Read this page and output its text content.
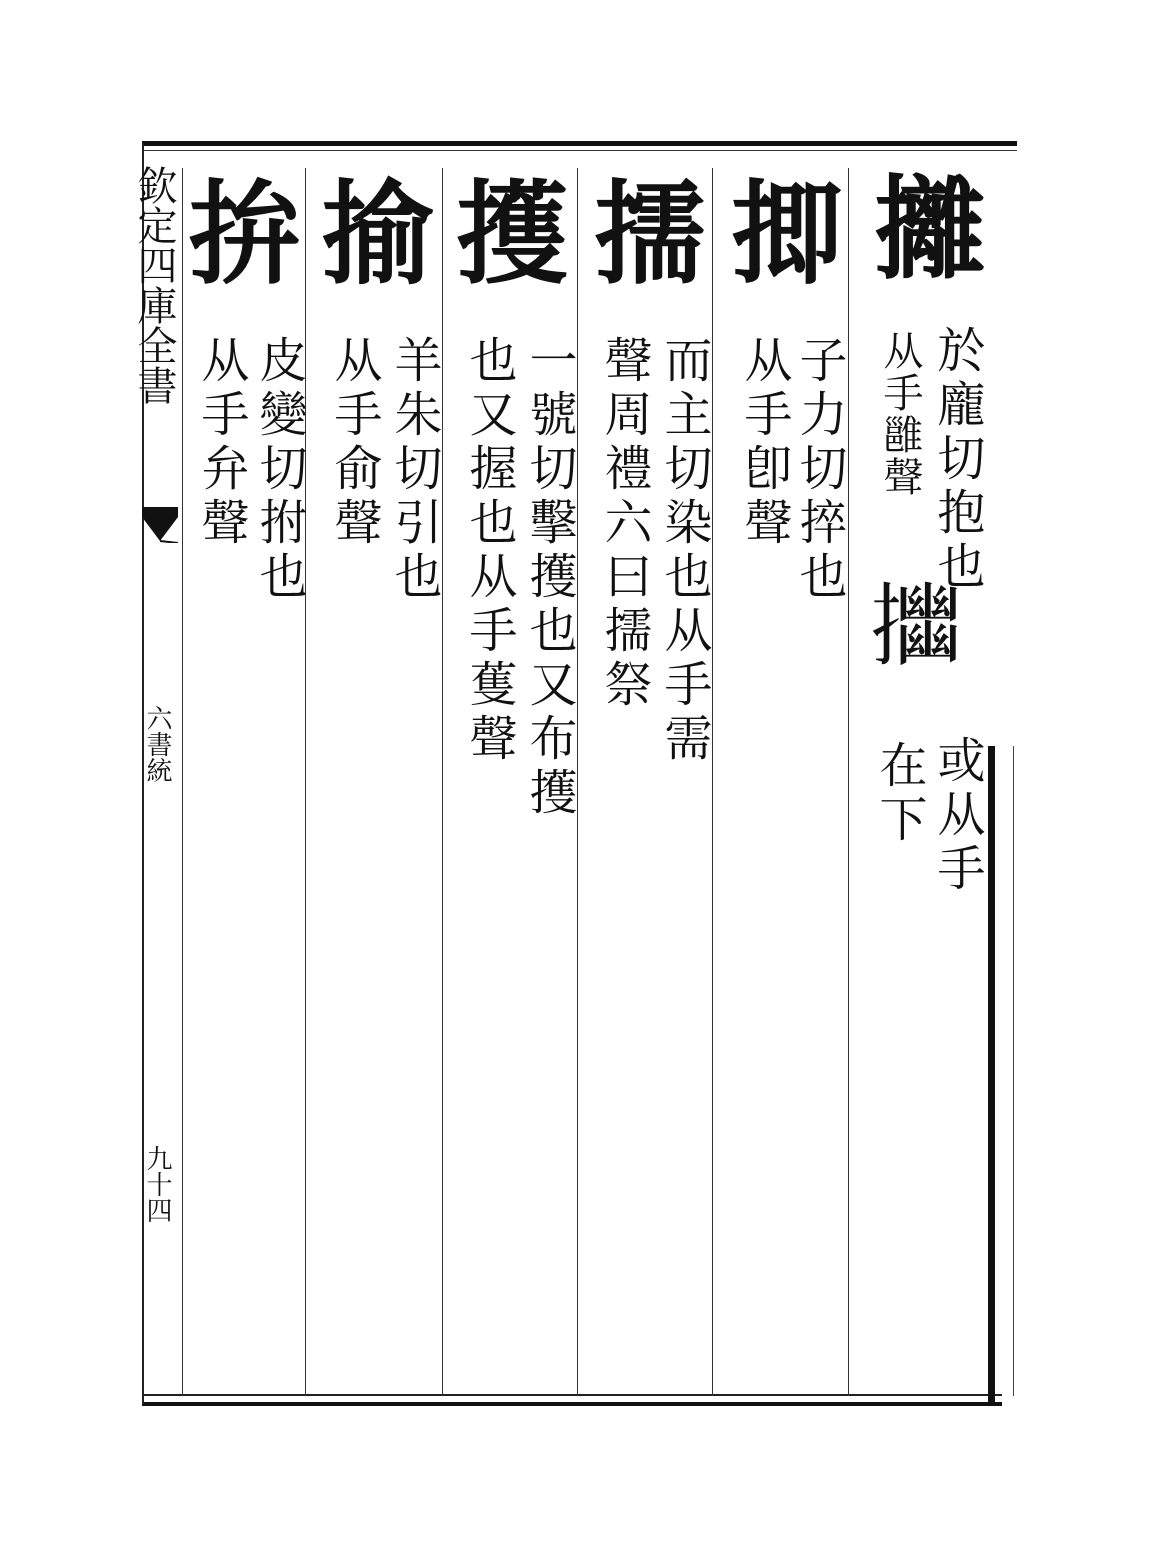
欽定四庫全書
六書統
九十四
攡
於龐切抱也
从手雝聲
𢹴
或从手
在下
揤
子力切捽也
从手卽聲
擩
而主切染也从手需
聲周禮六曰擩祭
擭
一號切擊擭也又布擭
也又握也从手蒦聲
揄
羊朱切引也
从手俞聲
拚
皮變切拊也
从手弁聲
